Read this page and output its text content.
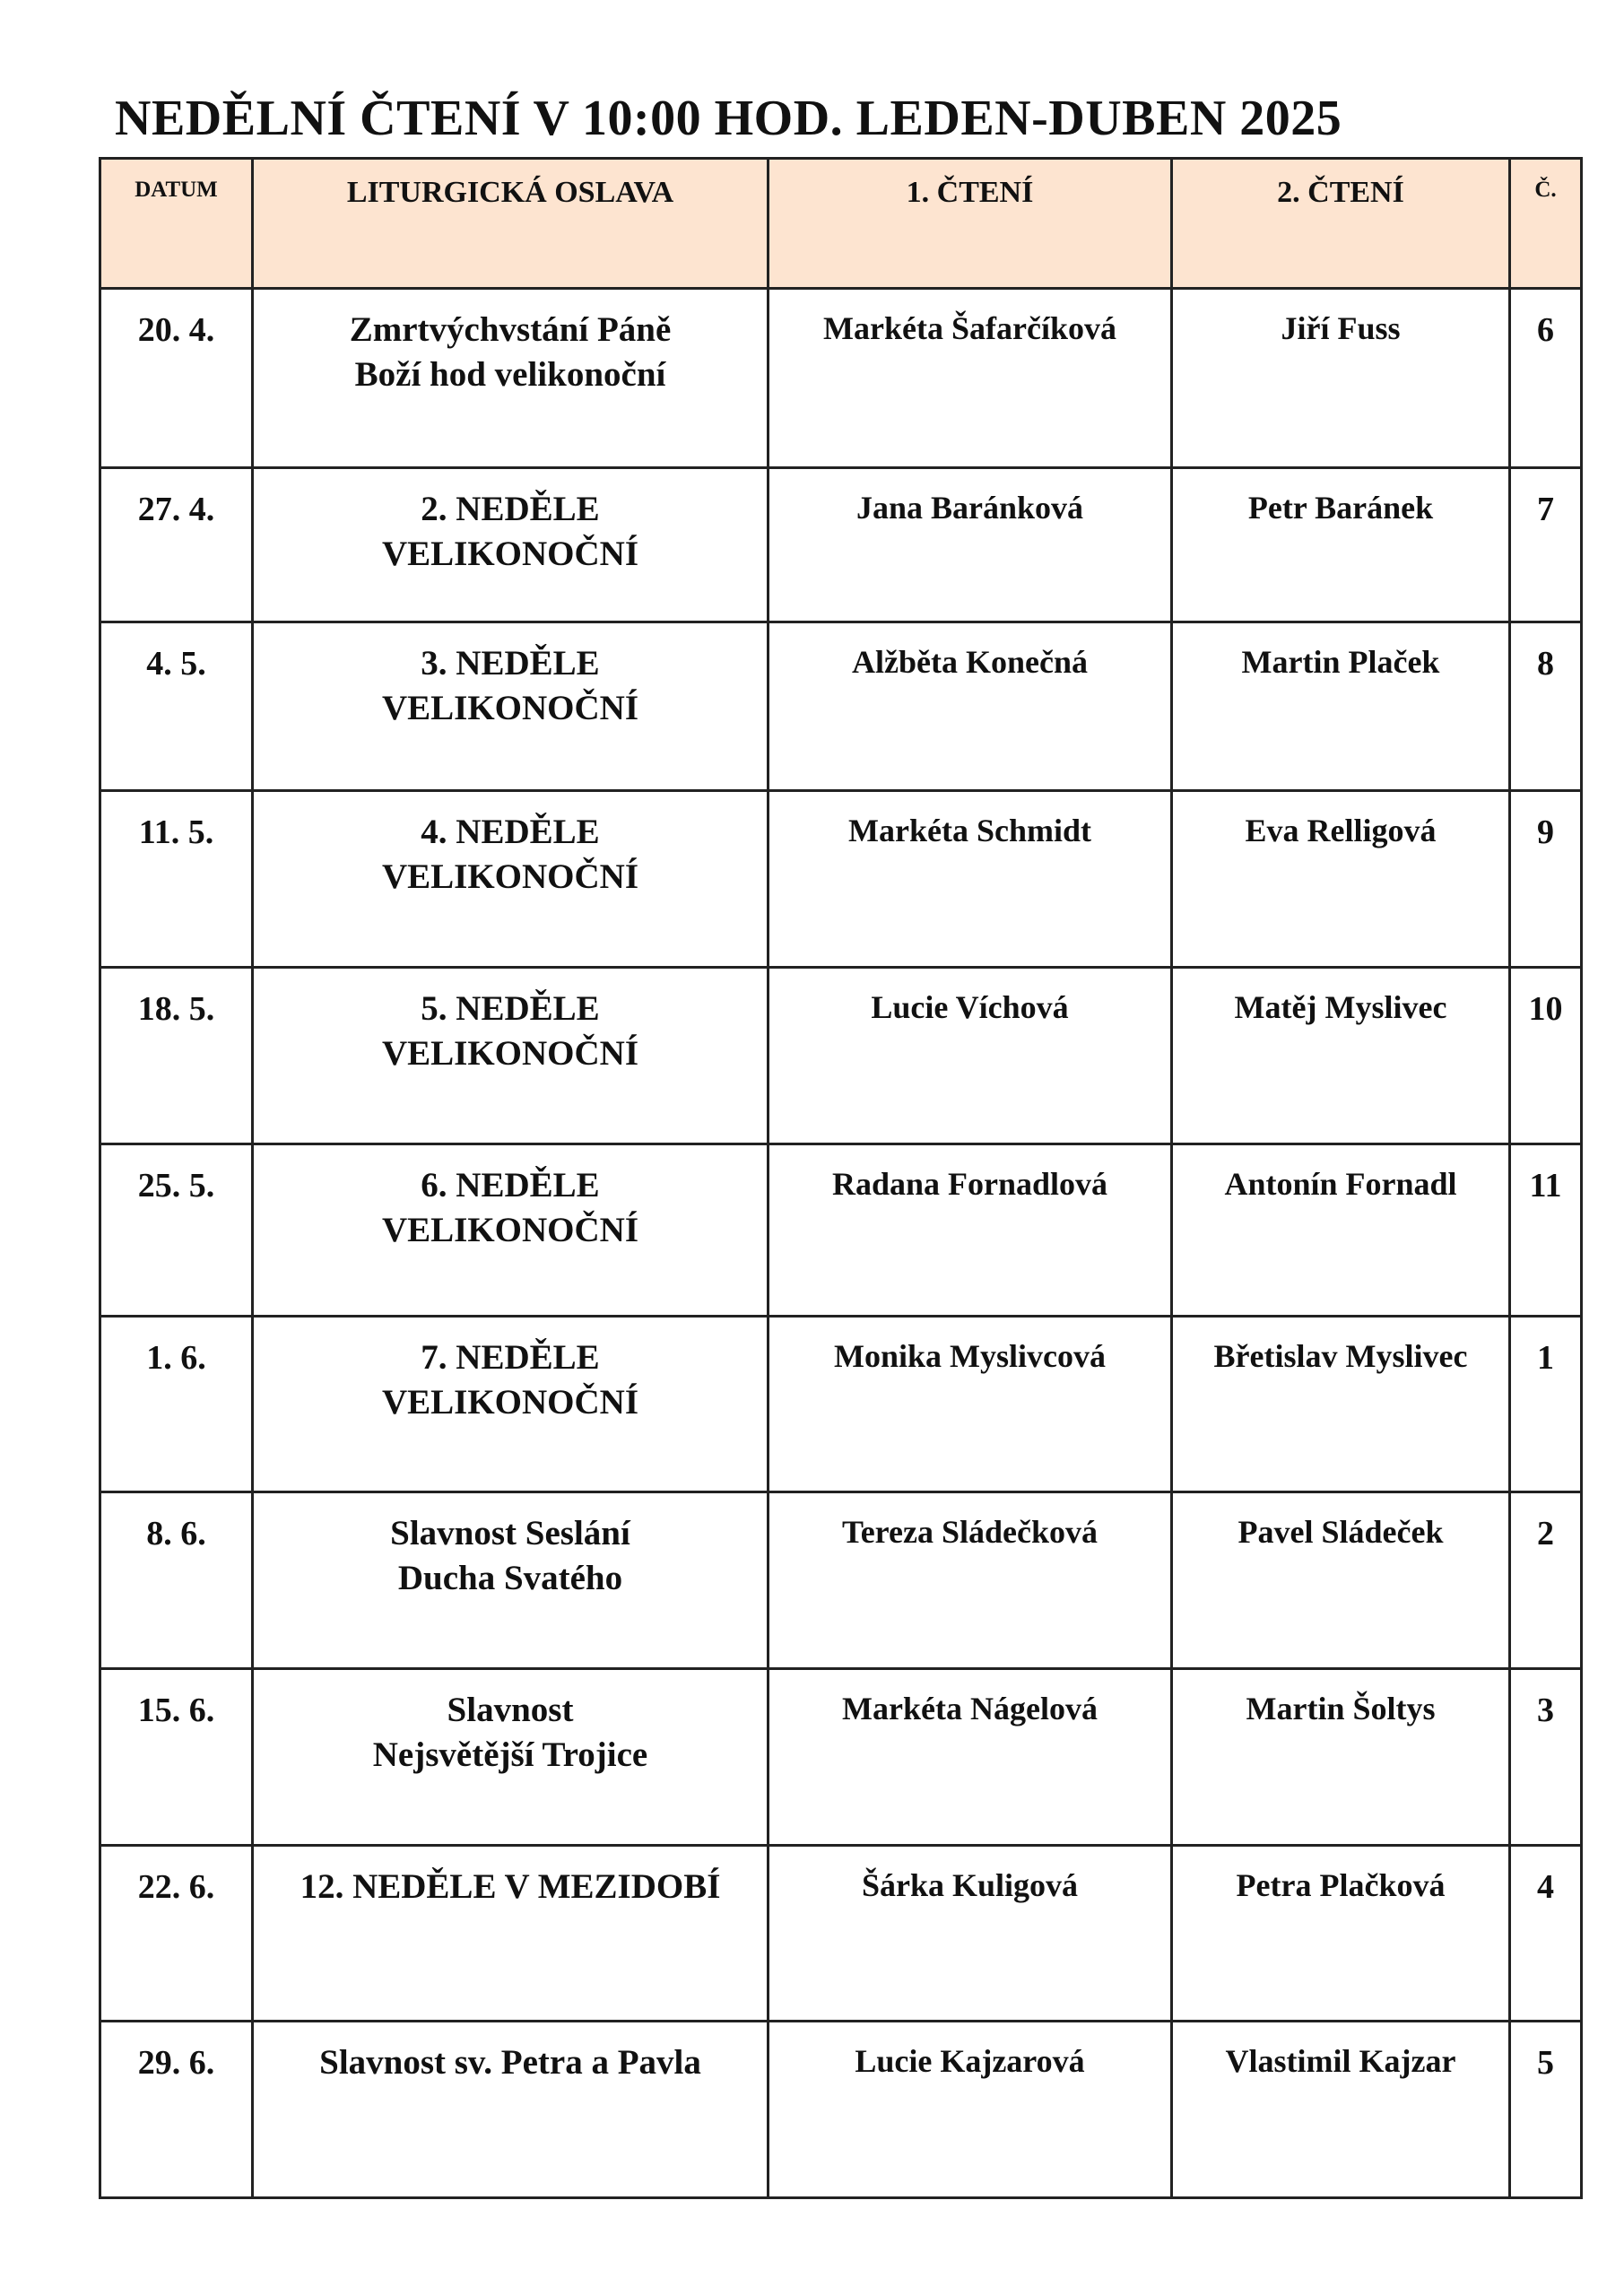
NEDĚLNÍ ČTENÍ V 10:00 HOD. LEDEN-DUBEN 2025
DATUM	LITURGICKÁ OSLAVA	1. ČTENÍ	2. ČTENÍ	Č.
20. 4.	Zmrtvýchvstání Páně
Boží hod velikonoční	Markéta Šafarčíková	Jiří Fuss	6
27. 4.	2. NEDĚLE
VELIKONOČNÍ	Jana Baránková	Petr Baránek	7
4. 5.	3. NEDĚLE
VELIKONOČNÍ	Alžběta Konečná	Martin Plaček	8
11. 5.	4. NEDĚLE
VELIKONOČNÍ	Markéta Schmidt	Eva Relligová	9
18. 5.	5. NEDĚLE
VELIKONOČNÍ	Lucie Víchová	Matěj Myslivec	10
25. 5.	6. NEDĚLE
VELIKONOČNÍ	Radana Fornadlová	Antonín Fornadl	11
1. 6.	7. NEDĚLE
VELIKONOČNÍ	Monika Myslivcová	Břetislav Myslivec	1
8. 6.	Slavnost Seslání
Ducha Svatého	Tereza Sládečková	Pavel Sládeček	2
15. 6.	Slavnost
Nejsvětější Trojice	Markéta Nágelová	Martin Šoltys	3
22. 6.	12. NEDĚLE V MEZIDOBÍ	Šárka Kuligová	Petra Plačková	4
29. 6.	Slavnost sv. Petra a Pavla	Lucie Kajzarová	Vlastimil Kajzar	5
